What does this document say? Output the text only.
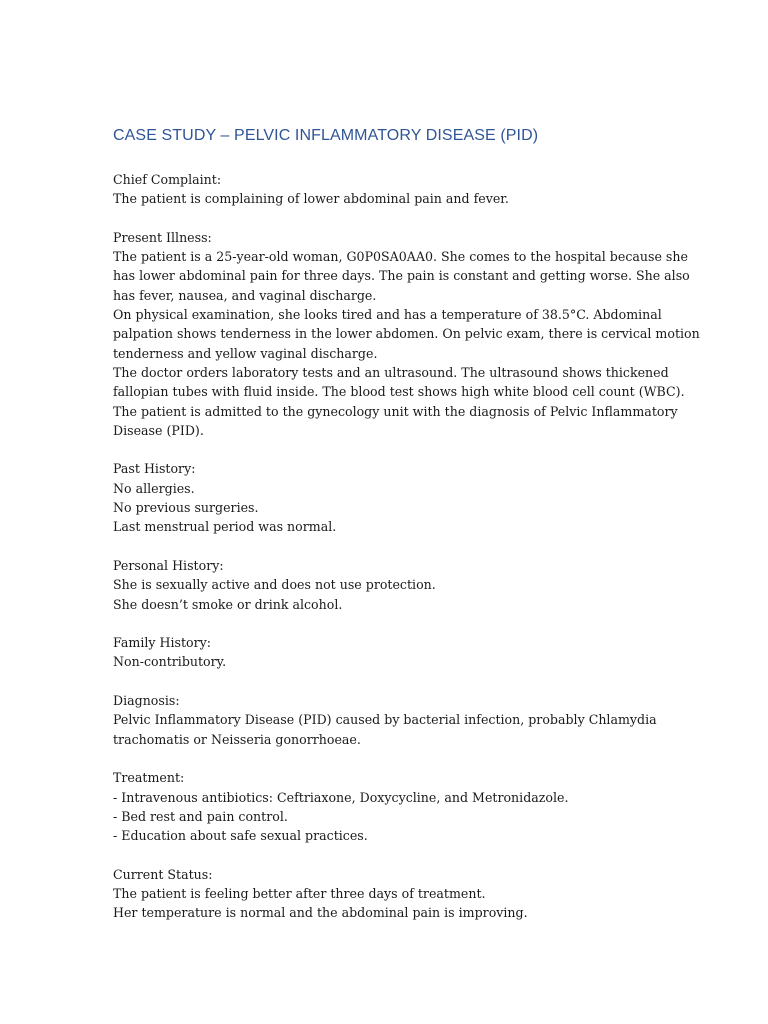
CASE STUDY – PELVIC INFLAMMATORY DISEASE (PID)
Chief Complaint:
The patient is complaining of lower abdominal pain and fever.
Present Illness:
The patient is a 25-year-old woman, G0P0SA0AA0. She comes to the hospital because she
has lower abdominal pain for three days. The pain is constant and getting worse. She also
has fever, nausea, and vaginal discharge.
On physical examination, she looks tired and has a temperature of 38.5°C. Abdominal
palpation shows tenderness in the lower abdomen. On pelvic exam, there is cervical motion
tenderness and yellow vaginal discharge.
The doctor orders laboratory tests and an ultrasound. The ultrasound shows thickened
fallopian tubes with fluid inside. The blood test shows high white blood cell count (WBC).
The patient is admitted to the gynecology unit with the diagnosis of Pelvic Inflammatory
Disease (PID).
Past History:
No allergies.
No previous surgeries.
Last menstrual period was normal.
Personal History:
She is sexually active and does not use protection.
She doesn’t smoke or drink alcohol.
Family History:
Non-contributory.
Diagnosis:
Pelvic Inflammatory Disease (PID) caused by bacterial infection, probably Chlamydia
trachomatis or Neisseria gonorrhoeae.
Treatment:
- Intravenous antibiotics: Ceftriaxone, Doxycycline, and Metronidazole.
- Bed rest and pain control.
- Education about safe sexual practices.
Current Status:
The patient is feeling better after three days of treatment.
Her temperature is normal and the abdominal pain is improving.
